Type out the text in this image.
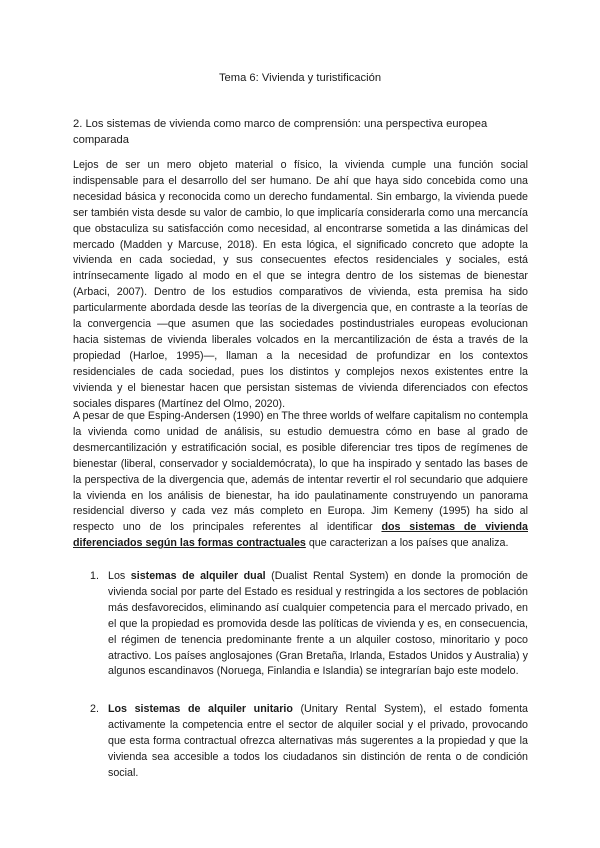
Tema 6: Vivienda y turistificación
2. Los sistemas de vivienda como marco de comprensión: una perspectiva europea comparada

Lejos de ser un mero objeto material o físico, la vivienda cumple una función social indispensable para el desarrollo del ser humano. De ahí que haya sido concebida como una necesidad básica y reconocida como un derecho fundamental. Sin embargo, la vivienda puede ser también vista desde su valor de cambio, lo que implicaría considerarla como una mercancía que obstaculiza su satisfacción como necesidad, al encontrarse sometida a las dinámicas del mercado (Madden y Marcuse, 2018). En esta lógica, el significado concreto que adopte la vivienda en cada sociedad, y sus consecuentes efectos residenciales y sociales, está intrínsecamente ligado al modo en el que se integra dentro de los sistemas de bienestar (Arbaci, 2007). Dentro de los estudios comparativos de vivienda, esta premisa ha sido particularmente abordada desde las teorías de la divergencia que, en contraste a la teorías de la convergencia —que asumen que las sociedades postindustriales europeas evolucionan hacia sistemas de vivienda liberales volcados en la mercantilización de ésta a través de la propiedad (Harloe, 1995)—, llaman a la necesidad de profundizar en los contextos residenciales de cada sociedad, pues los distintos y complejos nexos existentes entre la vivienda y el bienestar hacen que persistan sistemas de vivienda diferenciados con efectos sociales dispares (Martínez del Olmo, 2020).

A pesar de que Esping-Andersen (1990) en The three worlds of welfare capitalism no contempla la vivienda como unidad de análisis, su estudio demuestra cómo en base al grado de desmercantilización y estratificación social, es posible diferenciar tres tipos de regímenes de bienestar (liberal, conservador y socialdemócrata), lo que ha inspirado y sentado las bases de la perspectiva de la divergencia que, además de intentar revertir el rol secundario que adquiere la vivienda en los análisis de bienestar, ha ido paulatinamente construyendo un panorama residencial diverso y cada vez más completo en Europa. Jim Kemeny (1995) ha sido al respecto uno de los principales referentes al identificar dos sistemas de vivienda diferenciados según las formas contractuales que caracterizan a los países que analiza.

1. Los sistemas de alquiler dual (Dualist Rental System) en donde la promoción de vivienda social por parte del Estado es residual y restringida a los sectores de población más desfavorecidos, eliminando así cualquier competencia para el mercado privado, en el que la propiedad es promovida desde las políticas de vivienda y es, en consecuencia, el régimen de tenencia predominante frente a un alquiler costoso, minoritario y poco atractivo. Los países anglosajones (Gran Bretaña, Irlanda, Estados Unidos y Australia) y algunos escandinavos (Noruega, Finlandia e Islandia) se integrarían bajo este modelo.
2. Los sistemas de alquiler unitario (Unitary Rental System), el estado fomenta activamente la competencia entre el sector de alquiler social y el privado, provocando que esta forma contractual ofrezca alternativas más sugerentes a la propiedad y que la vivienda sea accesible a todos los ciudadanos sin distinción de renta o de condición social.
